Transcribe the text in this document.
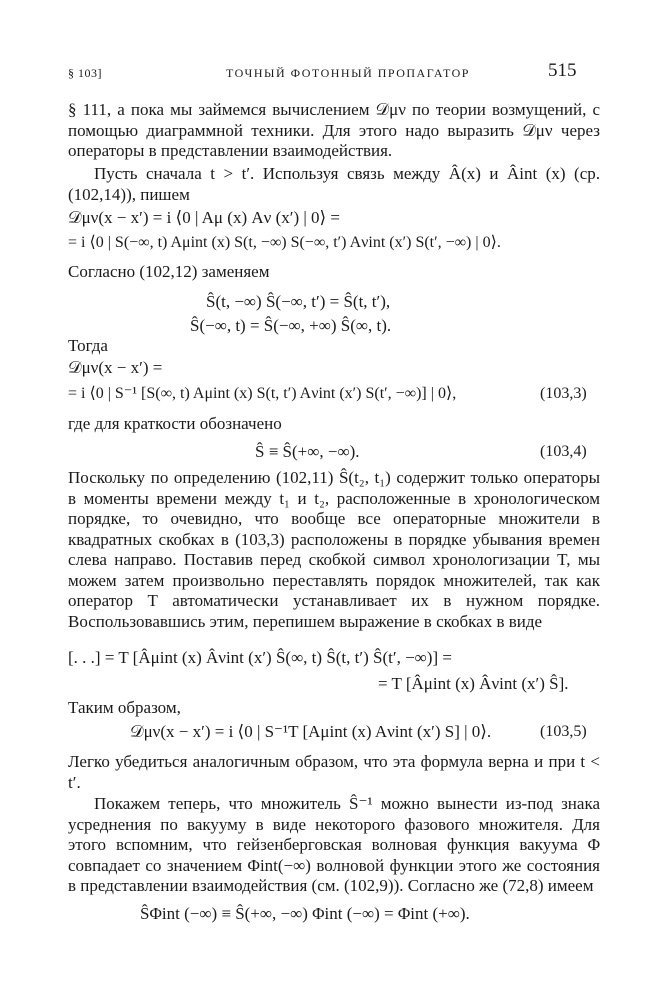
§ 103]	ТОЧНЫЙ ФОТОННЫЙ ПРОПАГАТОР	515
§ 111, а пока мы займемся вычислением 𝒟μν по теории возмущений, с помощью диаграммной техники. Для этого надо выразить 𝒟μν через операторы в представлении взаимодействия.
Пусть сначала t > t′. Используя связь между Â(x) и Âint (x) (ср. (102,14)), пишем
𝒟μν(x − x′) = i ⟨0 | Aμ (x) Aν (x′) | 0⟩ =
= i ⟨0 | S(−∞, t) Aμint (x) S(t, −∞) S(−∞, t′) Aνint (x′) S(t′, −∞) | 0⟩.
Согласно (102,12) заменяем
Ŝ(t, −∞) Ŝ(−∞, t′) = Ŝ(t, t′),
Ŝ(−∞, t) = Ŝ(−∞, +∞) Ŝ(∞, t).
Тогда
𝒟μν(x − x′) =
= i ⟨0 | S⁻¹ [S(∞, t) Aμint (x) S(t, t′) Aνint (x′) S(t′, −∞)] | 0⟩,	(103,3)
где для краткости обозначено
Ŝ ≡ Ŝ(+∞, −∞).	(103,4)
Поскольку по определению (102,11) Ŝ(t₂, t₁) содержит только операторы в моменты времени между t₁ и t₂, расположенные в хронологическом порядке, то очевидно, что вообще все операторные множители в квадратных скобках в (103,3) расположены в порядке убывания времен слева направо. Поставив перед скобкой символ хронологизации T, мы можем затем произвольно переставлять порядок множителей, так как оператор T автоматически устанавливает их в нужном порядке. Воспользовавшись этим, перепишем выражение в скобках в виде
[. . .] = T [Âμint (x) Âνint (x′) Ŝ(∞, t) Ŝ(t, t′) Ŝ(t′, −∞)] =
= T [Âμint (x) Âνint (x′) Ŝ].
Таким образом,
𝒟μν(x − x′) = i ⟨0 | S⁻¹T [Aμint (x) Aνint (x′) S] | 0⟩.	(103,5)
Легко убедиться аналогичным образом, что эта формула верна и при t < t′.
Покажем теперь, что множитель Ŝ⁻¹ можно вынести из-под знака усреднения по вакууму в виде некоторого фазового множителя. Для этого вспомним, что гейзенберговская волновая функция вакуума Φ совпадает со значением Φint(−∞) волновой функции этого же состояния в представлении взаимодействия (см. (102,9)). Согласно же (72,8) имеем
ŜΦint (−∞) ≡ Ŝ(+∞, −∞) Φint (−∞) = Φint (+∞).
